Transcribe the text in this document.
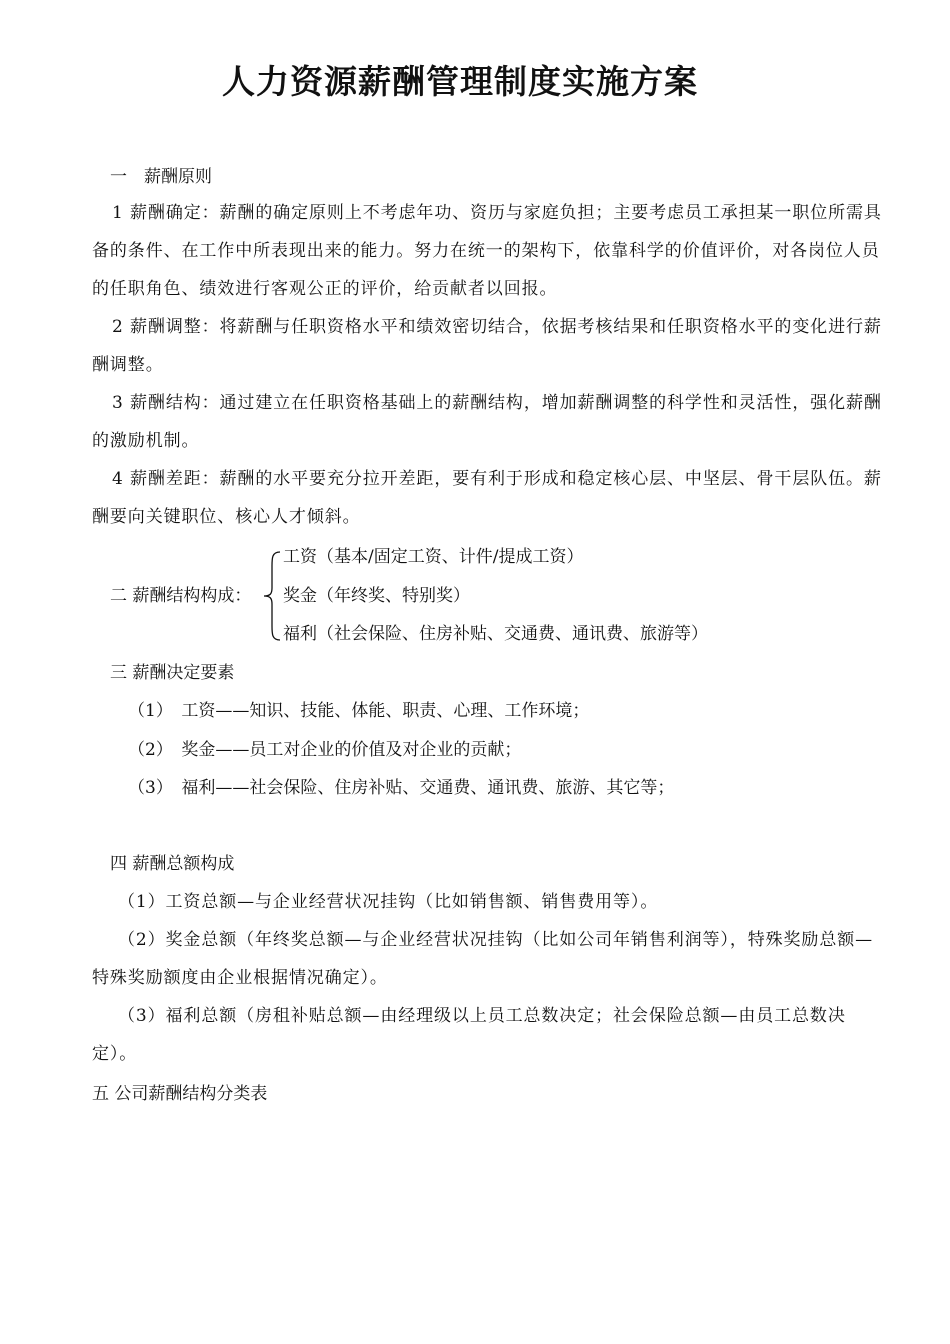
人力资源薪酬管理制度实施方案
一　薪酬原则
1 薪酬确定：薪酬的确定原则上不考虑年功、资历与家庭负担；主要考虑员工承担某一职位所需具备的条件、在工作中所表现出来的能力。努力在统一的架构下，依靠科学的价值评价，对各岗位人员的任职角色、绩效进行客观公正的评价，给贡献者以回报。
2 薪酬调整：将薪酬与任职资格水平和绩效密切结合，依据考核结果和任职资格水平的变化进行薪酬调整。
3 薪酬结构：通过建立在任职资格基础上的薪酬结构，增加薪酬调整的科学性和灵活性，强化薪酬的激励机制。
4 薪酬差距：薪酬的水平要充分拉开差距，要有利于形成和稳定核心层、中坚层、骨干层队伍。薪酬要向关键职位、核心人才倾斜。
二 薪酬结构构成：
工资（基本/固定工资、计件/提成工资）
奖金（年终奖、特别奖）
福利（社会保险、住房补贴、交通费、通讯费、旅游等）
三 薪酬决定要素
（1）　工资——知识、技能、体能、职责、心理、工作环境；
（2）　奖金——员工对企业的价值及对企业的贡献；
（3）　福利——社会保险、住房补贴、交通费、通讯费、旅游、其它等；
四 薪酬总额构成
（1）工资总额—与企业经营状况挂钩（比如销售额、销售费用等）。
（2）奖金总额（年终奖总额—与企业经营状况挂钩（比如公司年销售利润等），特殊奖励总额—特殊奖励额度由企业根据情况确定）。
（3）福利总额（房租补贴总额—由经理级以上员工总数决定；社会保险总额—由员工总数决定）。
五 公司薪酬结构分类表
